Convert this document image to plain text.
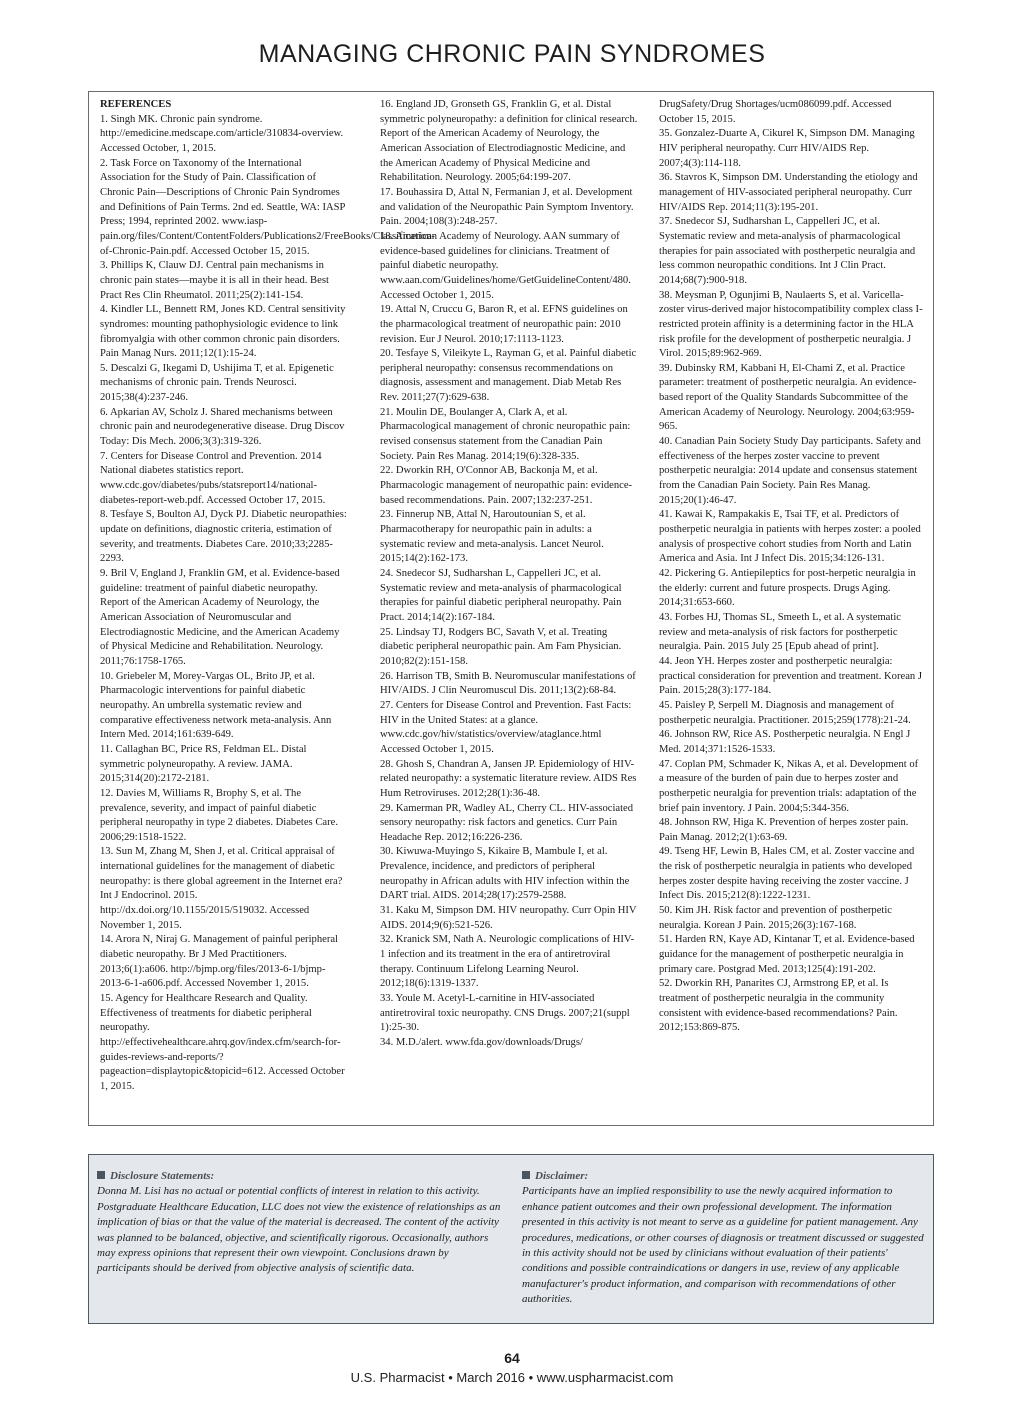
MANAGING CHRONIC PAIN SYNDROMES

REFERENCES

1. Singh MK. Chronic pain syndrome. http://emedicine.medscape.com/article/310834-overview. Accessed October, 1, 2015.

2. Task Force on Taxonomy of the International Association for the Study of Pain. Classification of Chronic Pain—Descriptions of Chronic Pain Syndromes and Definitions of Pain Terms. 2nd ed. Seattle, WA: IASP Press; 1994, reprinted 2002. www.iasp-pain.org/files/Content/ContentFolders/Publications2/FreeBooks/Classification-of-Chronic-Pain.pdf. Accessed October 15, 2015.

3. Phillips K, Clauw DJ. Central pain mechanisms in chronic pain states—maybe it is all in their head. Best Pract Res Clin Rheumatol. 2011;25(2):141-154.

4. Kindler LL, Bennett RM, Jones KD. Central sensitivity syndromes: mounting pathophysiologic evidence to link fibromyalgia with other common chronic pain disorders. Pain Manag Nurs. 2011;12(1):15-24.

5. Descalzi G, Ikegami D, Ushijima T, et al. Epigenetic mechanisms of chronic pain. Trends Neurosci. 2015;38(4):237-246.

6. Apkarian AV, Scholz J. Shared mechanisms between chronic pain and neurodegenerative disease. Drug Discov Today: Dis Mech. 2006;3(3):319-326.

7. Centers for Disease Control and Prevention. 2014 National diabetes statistics report. www.cdc.gov/diabetes/pubs/statsreport14/national-diabetes-report-web.pdf. Accessed October 17, 2015.

8. Tesfaye S, Boulton AJ, Dyck PJ. Diabetic neuropathies: update on definitions, diagnostic criteria, estimation of severity, and treatments. Diabetes Care. 2010;33;2285-2293.

9. Bril V, England J, Franklin GM, et al. Evidence-based guideline: treatment of painful diabetic neuropathy. Report of the American Academy of Neurology, the American Association of Neuromuscular and Electrodiagnostic Medicine, and the American Academy of Physical Medicine and Rehabilitation. Neurology. 2011;76:1758-1765.

10. Griebeler M, Morey-Vargas OL, Brito JP, et al. Pharmacologic interventions for painful diabetic neuropathy. An umbrella systematic review and comparative effectiveness network meta-analysis. Ann Intern Med. 2014;161:639-649.

11. Callaghan BC, Price RS, Feldman EL. Distal symmetric polyneuropathy. A review. JAMA. 2015;314(20):2172-2181.

12. Davies M, Williams R, Brophy S, et al. The prevalence, severity, and impact of painful diabetic peripheral neuropathy in type 2 diabetes. Diabetes Care. 2006;29:1518-1522.

13. Sun M, Zhang M, Shen J, et al. Critical appraisal of international guidelines for the management of diabetic neuropathy: is there global agreement in the Internet era? Int J Endocrinol. 2015. http://dx.doi.org/10.1155/2015/519032. Accessed November 1, 2015.

14. Arora N, Niraj G. Management of painful peripheral diabetic neuropathy. Br J Med Practitioners. 2013;6(1):a606. http://bjmp.org/files/2013-6-1/bjmp-2013-6-1-a606.pdf. Accessed November 1, 2015.

15. Agency for Healthcare Research and Quality. Effectiveness of treatments for diabetic peripheral neuropathy. http://effectivehealthcare.ahrq.gov/index.cfm/search-for-guides-reviews-and-reports/?pageaction=displaytopic&topicid=612. Accessed October 1, 2015.

16. England JD, Gronseth GS, Franklin G, et al. Distal symmetric polyneuropathy: a definition for clinical research. Report of the American Academy of Neurology, the American Association of Electrodiagnostic Medicine, and the American Academy of Physical Medicine and Rehabilitation. Neurology. 2005;64:199-207.

17. Bouhassira D, Attal N, Fermanian J, et al. Development and validation of the Neuropathic Pain Symptom Inventory. Pain. 2004;108(3):248-257.

18. American Academy of Neurology. AAN summary of evidence-based guidelines for clinicians. Treatment of painful diabetic neuropathy. www.aan.com/Guidelines/home/GetGuidelineContent/480. Accessed October 1, 2015.

19. Attal N, Cruccu G, Baron R, et al. EFNS guidelines on the pharmacological treatment of neuropathic pain: 2010 revision. Eur J Neurol. 2010;17:1113-1123.

20. Tesfaye S, Vileikyte L, Rayman G, et al. Painful diabetic peripheral neuropathy: consensus recommendations on diagnosis, assessment and management. Diab Metab Res Rev. 2011;27(7):629-638.

21. Moulin DE, Boulanger A, Clark A, et al. Pharmacological management of chronic neuropathic pain: revised consensus statement from the Canadian Pain Society. Pain Res Manag. 2014;19(6):328-335.

22. Dworkin RH, O'Connor AB, Backonja M, et al. Pharmacologic management of neuropathic pain: evidence-based recommendations. Pain. 2007;132:237-251.

23. Finnerup NB, Attal N, Haroutounian S, et al. Pharmacotherapy for neuropathic pain in adults: a systematic review and meta-analysis. Lancet Neurol. 2015;14(2):162-173.

24. Snedecor SJ, Sudharshan L, Cappelleri JC, et al. Systematic review and meta-analysis of pharmacological therapies for painful diabetic peripheral neuropathy. Pain Pract. 2014;14(2):167-184.

25. Lindsay TJ, Rodgers BC, Savath V, et al. Treating diabetic peripheral neuropathic pain. Am Fam Physician. 2010;82(2):151-158.

26. Harrison TB, Smith B. Neuromuscular manifestations of HIV/AIDS. J Clin Neuromuscul Dis. 2011;13(2):68-84.

27. Centers for Disease Control and Prevention. Fast Facts: HIV in the United States: at a glance. www.cdc.gov/hiv/statistics/overview/ataglance.html Accessed October 1, 2015.

28. Ghosh S, Chandran A, Jansen JP. Epidemiology of HIV-related neuropathy: a systematic literature review. AIDS Res Hum Retroviruses. 2012;28(1):36-48.

29. Kamerman PR, Wadley AL, Cherry CL. HIV-associated sensory neuropathy: risk factors and genetics. Curr Pain Headache Rep. 2012;16:226-236.

30. Kiwuwa-Muyingo S, Kikaire B, Mambule I, et al. Prevalence, incidence, and predictors of peripheral neuropathy in African adults with HIV infection within the DART trial. AIDS. 2014;28(17):2579-2588.

31. Kaku M, Simpson DM. HIV neuropathy. Curr Opin HIV AIDS. 2014;9(6):521-526.

32. Kranick SM, Nath A. Neurologic complications of HIV-1 infection and its treatment in the era of antiretroviral therapy. Continuum Lifelong Learning Neurol. 2012;18(6):1319-1337.

33. Youle M. Acetyl-L-carnitine in HIV-associated antiretroviral toxic neuropathy. CNS Drugs. 2007;21(suppl 1):25-30.

34. M.D./alert. www.fda.gov/downloads/Drugs/

DrugSafety/Drug Shortages/ucm086099.pdf. Accessed October 15, 2015.

35. Gonzalez-Duarte A, Cikurel K, Simpson DM. Managing HIV peripheral neuropathy. Curr HIV/AIDS Rep. 2007;4(3):114-118.

36. Stavros K, Simpson DM. Understanding the etiology and management of HIV-associated peripheral neuropathy. Curr HIV/AIDS Rep. 2014;11(3):195-201.

37. Snedecor SJ, Sudharshan L, Cappelleri JC, et al. Systematic review and meta-analysis of pharmacological therapies for pain associated with postherpetic neuralgia and less common neuropathic conditions. Int J Clin Pract. 2014;68(7):900-918.

38. Meysman P, Ogunjimi B, Naulaerts S, et al. Varicella-zoster virus-derived major histocompatibility complex class I-restricted protein affinity is a determining factor in the HLA risk profile for the development of postherpetic neuralgia. J Virol. 2015;89:962-969.

39. Dubinsky RM, Kabbani H, El-Chami Z, et al. Practice parameter: treatment of postherpetic neuralgia. An evidence-based report of the Quality Standards Subcommittee of the American Academy of Neurology. Neurology. 2004;63:959-965.

40. Canadian Pain Society Study Day participants. Safety and effectiveness of the herpes zoster vaccine to prevent postherpetic neuralgia: 2014 update and consensus statement from the Canadian Pain Society. Pain Res Manag. 2015;20(1):46-47.

41. Kawai K, Rampakakis E, Tsai TF, et al. Predictors of postherpetic neuralgia in patients with herpes zoster: a pooled analysis of prospective cohort studies from North and Latin America and Asia. Int J Infect Dis. 2015;34:126-131.

42. Pickering G. Antiepileptics for post-herpetic neuralgia in the elderly: current and future prospects. Drugs Aging. 2014;31:653-660.

43. Forbes HJ, Thomas SL, Smeeth L, et al. A systematic review and meta-analysis of risk factors for postherpetic neuralgia. Pain. 2015 July 25 [Epub ahead of print].

44. Jeon YH. Herpes zoster and postherpetic neuralgia: practical consideration for prevention and treatment. Korean J Pain. 2015;28(3):177-184.

45. Paisley P, Serpell M. Diagnosis and management of postherpetic neuralgia. Practitioner. 2015;259(1778):21-24.

46. Johnson RW, Rice AS. Postherpetic neuralgia. N Engl J Med. 2014;371:1526-1533.

47. Coplan PM, Schmader K, Nikas A, et al. Development of a measure of the burden of pain due to herpes zoster and postherpetic neuralgia for prevention trials: adaptation of the brief pain inventory. J Pain. 2004;5:344-356.

48. Johnson RW, Higa K. Prevention of herpes zoster pain. Pain Manag. 2012;2(1):63-69.

49. Tseng HF, Lewin B, Hales CM, et al. Zoster vaccine and the risk of postherpetic neuralgia in patients who developed herpes zoster despite having receiving the zoster vaccine. J Infect Dis. 2015;212(8):1222-1231.

50. Kim JH. Risk factor and prevention of postherpetic neuralgia. Korean J Pain. 2015;26(3):167-168.

51. Harden RN, Kaye AD, Kintanar T, et al. Evidence-based guidance for the management of postherpetic neuralgia in primary care. Postgrad Med. 2013;125(4):191-202.

52. Dworkin RH, Panarites CJ, Armstrong EP, et al. Is treatment of postherpetic neuralgia in the community consistent with evidence-based recommendations? Pain. 2012;153:869-875.

Disclosure Statements:

Donna M. Lisi has no actual or potential conflicts of interest in relation to this activity.

Postgraduate Healthcare Education, LLC does not view the existence of relationships as an implication of bias or that the value of the material is decreased. The content of the activity was planned to be balanced, objective, and scientifically rigorous. Occasionally, authors may express opinions that represent their own viewpoint. Conclusions drawn by participants should be derived from objective analysis of scientific data.

Disclaimer:

Participants have an implied responsibility to use the newly acquired information to enhance patient outcomes and their own professional development. The information presented in this activity is not meant to serve as a guideline for patient management. Any procedures, medications, or other courses of diagnosis or treatment discussed or suggested in this activity should not be used by clinicians without evaluation of their patients' conditions and possible contraindications or dangers in use, review of any applicable manufacturer's product information, and comparison with recommendations of other authorities.

64
U.S. Pharmacist • March 2016 • www.uspharmacist.com
